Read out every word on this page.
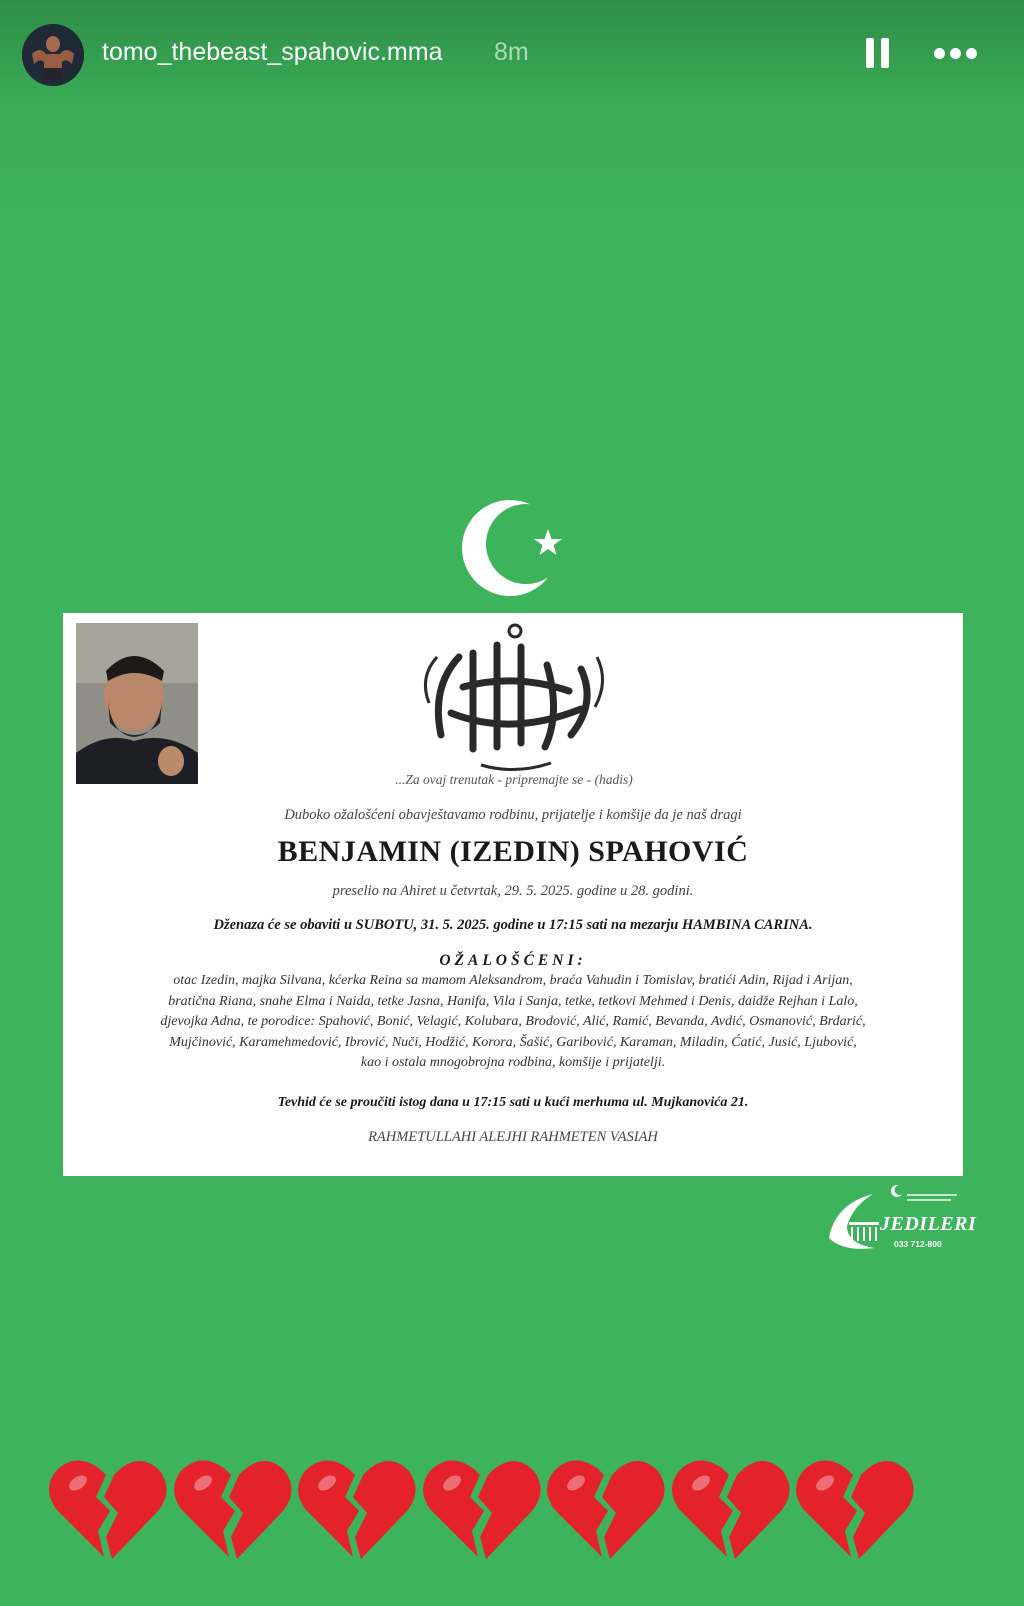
tomo_thebeast_spahovic.mma 8m
...Za ovaj trenutak - pripremajte se - (hadis)
Duboko ožalošćeni obavještavamo rodbinu, prijatelje i komšije da je naš dragi
BENJAMIN (IZEDIN) SPAHOVIĆ
preselio na Ahiret u četvrtak, 29. 5. 2025. godine u 28. godini.
Dženaza će se obaviti u SUBOTU, 31. 5. 2025. godine u 17:15 sati na mezarju HAMBINA CARINA.
OŽALOŠĆENI:
otac Izedin, majka Silvana, kćerka Reina sa mamom Aleksandrom, braća Vahudin i Tomislav, bratići Adin, Rijad i Arijan,
bratična Riana, snahe Elma i Naida, tetke Jasna, Hanifa, Vila i Sanja, tetke, tetkovi Mehmed i Denis, daidže Rejhan i Lalo,
djevojka Adna, te porodice: Spahović, Bonić, Velagić, Kolubara, Brodović, Alić, Ramić, Bevanda, Avdić, Osmanović, Brdarić,
Mujčinović, Karamehmedović, Ibrović, Nuči, Hodžić, Korora, Šašić, Garibović, Karaman, Miladin, Ćatić, Jusić, Ljubović,
kao i ostala mnogobrojna rodbina, komšije i prijatelji.
Tevhid će se proučiti istog dana u 17:15 sati u kući merhuma ul. Mujkanovića 21.
RAHMETULLAHI ALEJHI RAHMETEN VASIAH
JEDILERI
033 712-800
